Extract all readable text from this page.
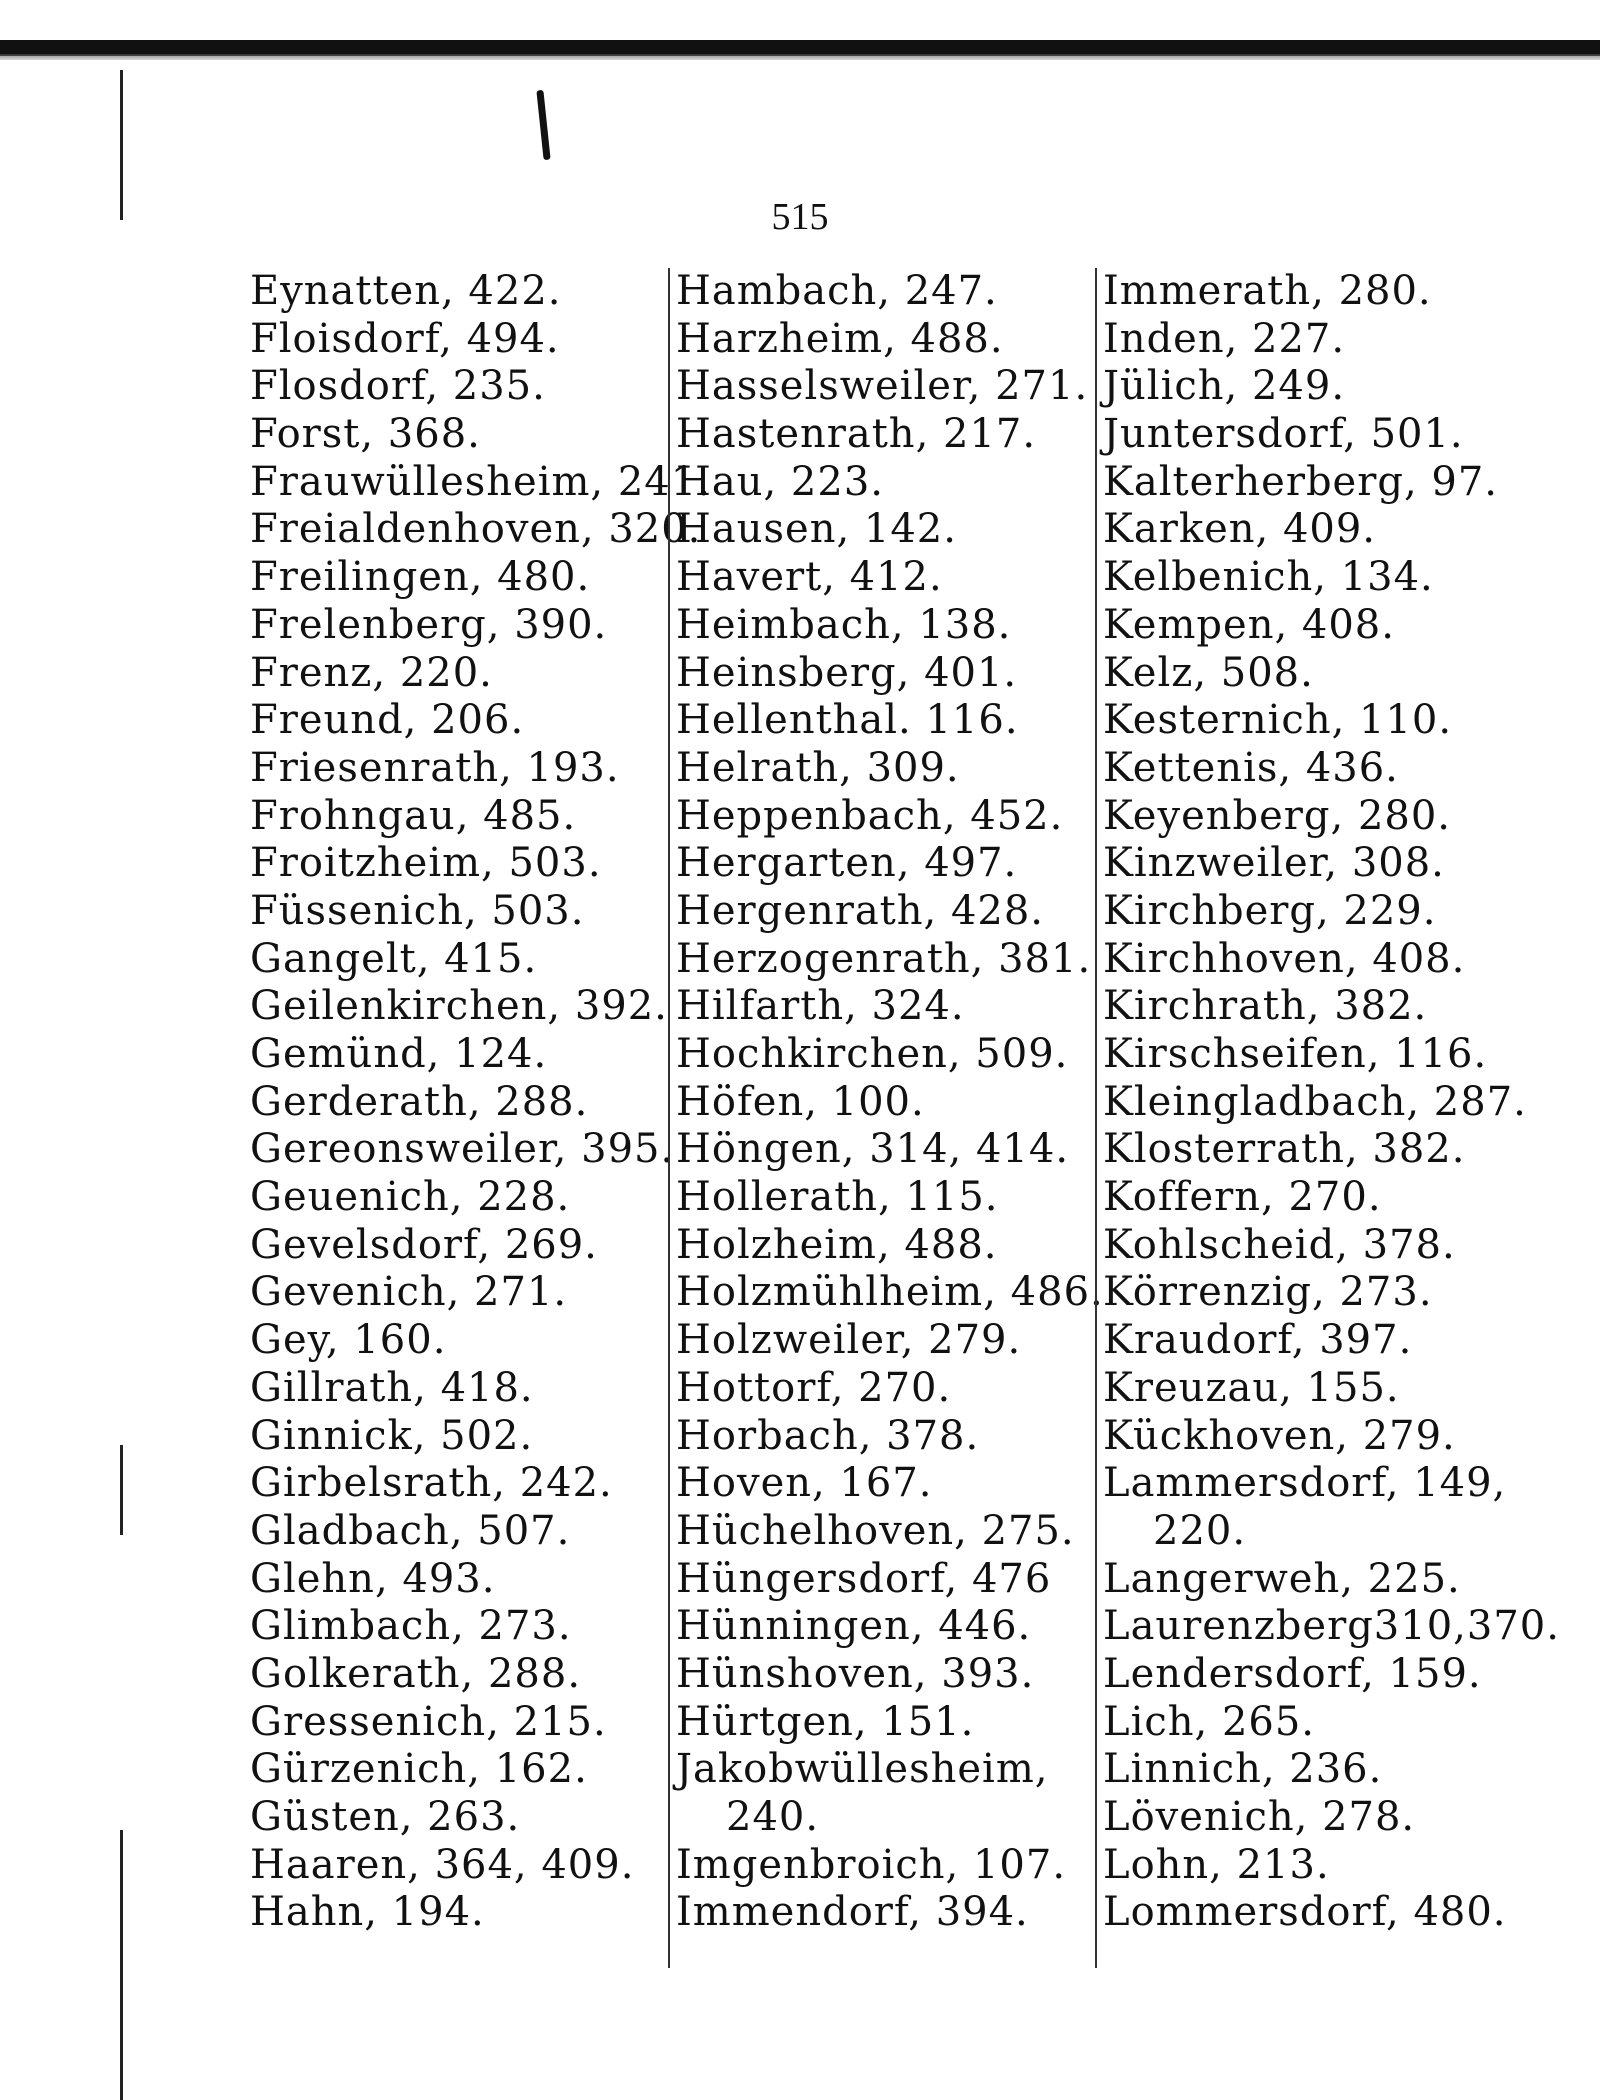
515
Eynatten, 422.
Floisdorf, 494.
Flosdorf, 235.
Forst, 368.
Frauwüllesheim, 241.
Freialdenhoven, 320.
Freilingen, 480.
Frelenberg, 390.
Frenz, 220.
Freund, 206.
Friesenrath, 193.
Frohngau, 485.
Froitzheim, 503.
Füssenich, 503.
Gangelt, 415.
Geilenkirchen, 392.
Gemünd, 124.
Gerderath, 288.
Gereonsweiler, 395.
Geuenich, 228.
Gevelsdorf, 269.
Gevenich, 271.
Gey, 160.
Gillrath, 418.
Ginnick, 502.
Girbelsrath, 242.
Gladbach, 507.
Glehn, 493.
Glimbach, 273.
Golkerath, 288.
Gressenich, 215.
Gürzenich, 162.
Güsten, 263.
Haaren, 364, 409.
Hahn, 194.
Hambach, 247.
Harzheim, 488.
Hasselsweiler, 271.
Hastenrath, 217.
Hau, 223.
Hausen, 142.
Havert, 412.
Heimbach, 138.
Heinsberg, 401.
Hellenthal. 116.
Helrath, 309.
Heppenbach, 452.
Hergarten, 497.
Hergenrath, 428.
Herzogenrath, 381.
Hilfarth, 324.
Hochkirchen, 509.
Höfen, 100.
Höngen, 314, 414.
Hollerath, 115.
Holzheim, 488.
Holzmühlheim, 486.
Holzweiler, 279.
Hottorf, 270.
Horbach, 378.
Hoven, 167.
Hüchelhoven, 275.
Hüngersdorf, 476
Hünningen, 446.
Hünshoven, 393.
Hürtgen, 151.
Jakobwüllesheim,
240.
Imgenbroich, 107.
Immendorf, 394.
Immerath, 280.
Inden, 227.
Jülich, 249.
Juntersdorf, 501.
Kalterherberg, 97.
Karken, 409.
Kelbenich, 134.
Kempen, 408.
Kelz, 508.
Kesternich, 110.
Kettenis, 436.
Keyenberg, 280.
Kinzweiler, 308.
Kirchberg, 229.
Kirchhoven, 408.
Kirchrath, 382.
Kirschseifen, 116.
Kleingladbach, 287.
Klosterrath, 382.
Koffern, 270.
Kohlscheid, 378.
Körrenzig, 273.
Kraudorf, 397.
Kreuzau, 155.
Kückhoven, 279.
Lammersdorf, 149,
220.
Langerweh, 225.
Laurenzberg310,370.
Lendersdorf, 159.
Lich, 265.
Linnich, 236.
Lövenich, 278.
Lohn, 213.
Lommersdorf, 480.
